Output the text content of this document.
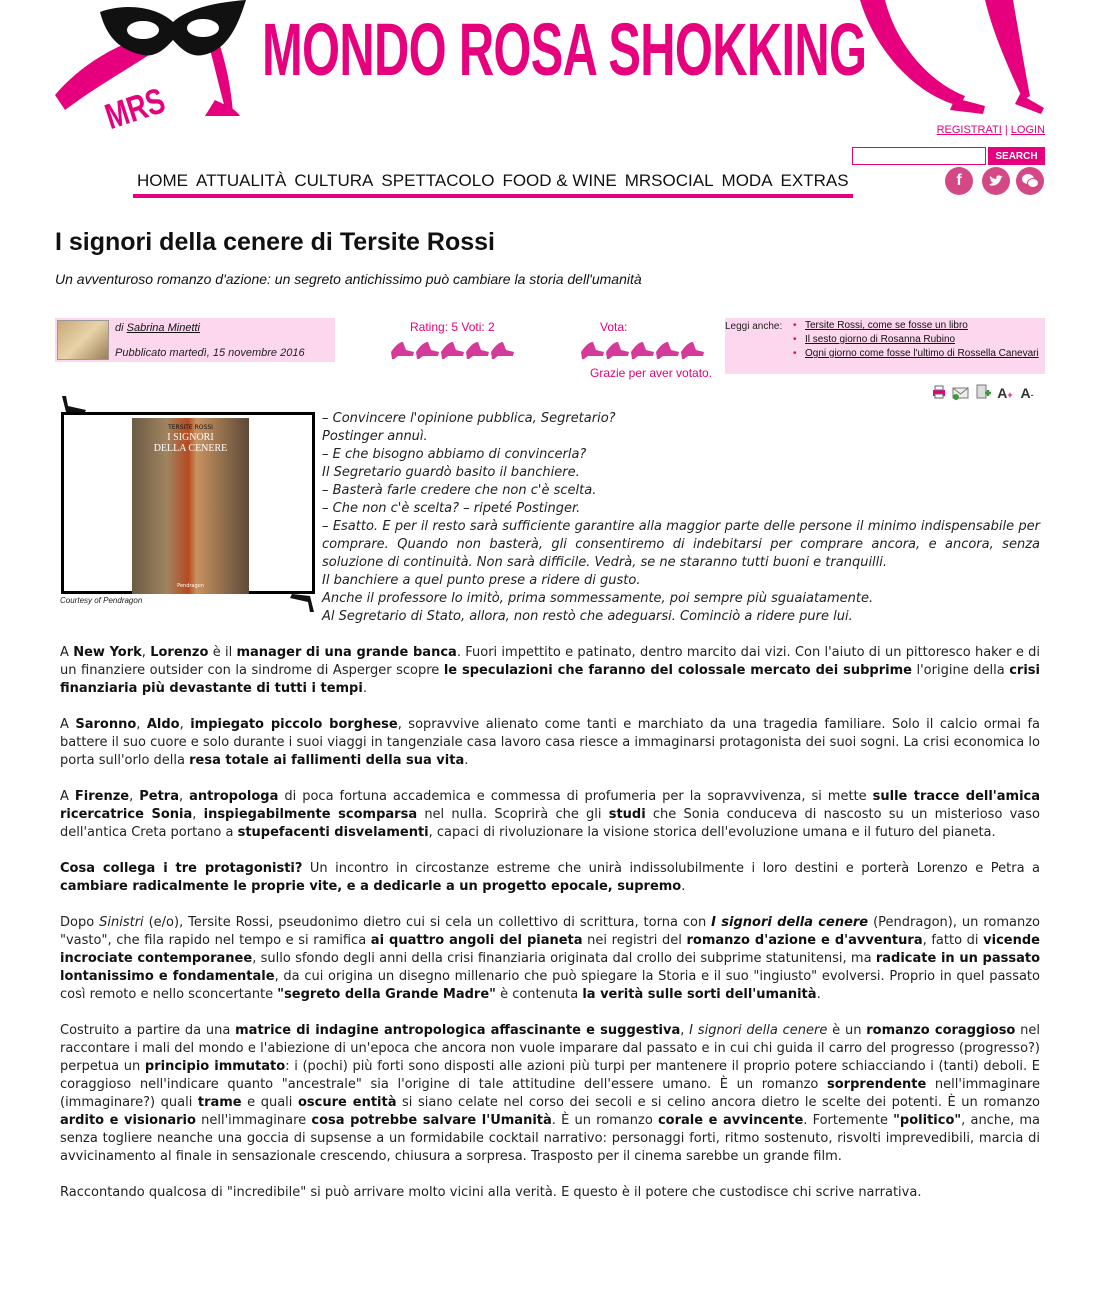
MRS
MONDO ROSA SHOKKING
REGISTRATI | LOGIN
SEARCH
HOME ATTUALITÀ CULTURA SPETTACOLO FOOD & WINE MRSOCIAL MODA EXTRAS	f
I signori della cenere di Tersite Rossi
Un avventuroso romanzo d'azione: un segreto antichissimo può cambiare la storia dell'umanità
di Sabrina Minetti
Pubblicato martedì, 15 novembre 2016
Rating: 5 Voti: 2	Vota:
Grazie per aver votato.
Leggi anche:
•	Tersite Rossi, come se fosse un libro
• Il sesto giorno di Rosanna Rubino
• Ogni giorno come fosse l'ultimo di Rossella Canevari
A+ A-
TERSITE ROSSI
I SIGNORI
DELLA CENERE
Pendragon
Courtesy of Pendragon

– Convincere l'opinione pubblica, Segretario?

Postinger annuì.

– E che bisogno abbiamo di convincerla?

Il Segretario guardò basito il banchiere.

– Basterà farle credere che non c'è scelta.

– Che non c'è scelta? – ripeté Postinger.

– Esatto. E per il resto sarà sufficiente garantire alla maggior parte delle persone il minimo indispensabile per comprare. Quando non basterà, gli consentiremo di indebitarsi per comprare ancora, e ancora, senza soluzione di continuità. Non sarà difficile. Vedrà, se ne staranno tutti buoni e tranquilli.

Il banchiere a quel punto prese a ridere di gusto.

Anche il professore lo imitò, prima sommessamente, poi sempre più sguaiatamente.

Al Segretario di Stato, allora, non restò che adeguarsi. Cominciò a ridere pure lui.

A New York, Lorenzo è il manager di una grande banca. Fuori impettito e patinato, dentro marcito dai vizi. Con l'aiuto di un pittoresco haker e di un finanziere outsider con la sindrome di Asperger scopre le speculazioni che faranno del colossale mercato dei subprime l'origine della crisi finanziaria più devastante di tutti i tempi.

A Saronno, Aldo, impiegato piccolo borghese, sopravvive alienato come tanti e marchiato da una tragedia familiare. Solo il calcio ormai fa battere il suo cuore e solo durante i suoi viaggi in tangenziale casa lavoro casa riesce a immaginarsi protagonista dei suoi sogni. La crisi economica lo porta sull'orlo della resa totale ai fallimenti della sua vita.

A Firenze, Petra, antropologa di poca fortuna accademica e commessa di profumeria per la sopravvivenza, si mette sulle tracce dell'amica ricercatrice Sonia, inspiegabilmente scomparsa nel nulla. Scoprirà che gli studi che Sonia conduceva di nascosto su un misterioso vaso dell'antica Creta portano a stupefacenti disvelamenti, capaci di rivoluzionare la visione storica dell'evoluzione umana e il futuro del pianeta.

Cosa collega i tre protagonisti? Un incontro in circostanze estreme che unirà indissolubilmente i loro destini e porterà Lorenzo e Petra a cambiare radicalmente le proprie vite, e a dedicarle a un progetto epocale, supremo.

Dopo Sinistri (e/o), Tersite Rossi, pseudonimo dietro cui si cela un collettivo di scrittura, torna con I signori della cenere (Pendragon), un romanzo "vasto", che fila rapido nel tempo e si ramifica ai quattro angoli del pianeta nei registri del romanzo d'azione e d'avventura, fatto di vicende incrociate contemporanee, sullo sfondo degli anni della crisi finanziaria originata dal crollo dei subprime statunitensi, ma radicate in un passato lontanissimo e fondamentale, da cui origina un disegno millenario che può spiegare la Storia e il suo "ingiusto" evolversi. Proprio in quel passato così remoto e nello sconcertante "segreto della Grande Madre" è contenuta la verità sulle sorti dell'umanità.

Costruito a partire da una matrice di indagine antropologica affascinante e suggestiva, I signori della cenere è un romanzo coraggioso nel raccontare i mali del mondo e l'abiezione di un'epoca che ancora non vuole imparare dal passato e in cui chi guida il carro del progresso (progresso?) perpetua un principio immutato: i (pochi) più forti sono disposti alle azioni più turpi per mantenere il proprio potere schiacciando i (tanti) deboli. E coraggioso nell'indicare quanto "ancestrale" sia l'origine di tale attitudine dell'essere umano. È un romanzo sorprendente nell'immaginare (immaginare?) quali trame e quali oscure entità si siano celate nel corso dei secoli e si celino ancora dietro le scelte dei potenti. È un romanzo ardito e visionario nell'immaginare cosa potrebbe salvare l'Umanità. È un romanzo corale e avvincente. Fortemente "politico", anche, ma senza togliere neanche una goccia di supsense a un formidabile cocktail narrativo: personaggi forti, ritmo sostenuto, risvolti imprevedibili, marcia di avvicinamento al finale in sensazionale crescendo, chiusura a sorpresa. Trasposto per il cinema sarebbe un grande film.

Raccontando qualcosa di "incredibile" si può arrivare molto vicini alla verità. E questo è il potere che custodisce chi scrive narrativa.
